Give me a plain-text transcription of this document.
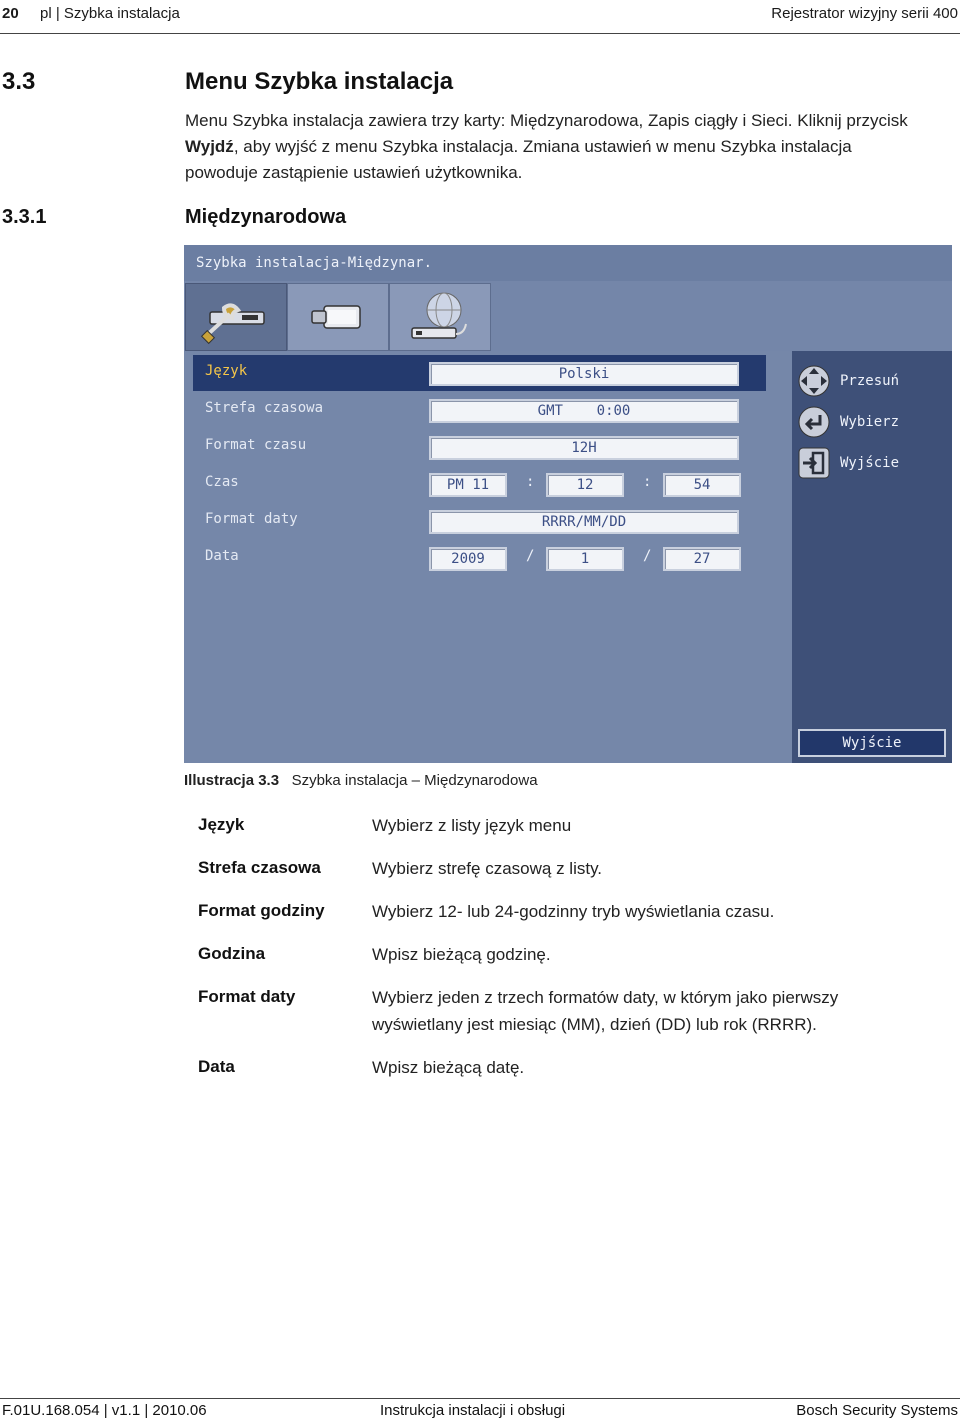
20 pl | Szybka instalacja	Rejestrator wizyjny serii 400
3.3	Menu Szybka instalacja
Menu Szybka instalacja zawiera trzy karty: Międzynarodowa, Zapis ciągły i Sieci. Kliknij przycisk Wyjdź, aby wyjść z menu Szybka instalacja. Zmiana ustawień w menu Szybka instalacja powoduje zastąpienie ustawień użytkownika.
3.3.1	Międzynarodowa
Szybka instalacja-Międzynar.
Język	Polski
Strefa czasowa	GMT    0:00
Format czasu	12H
Czas	PM 11	:	12	:	54
Format daty	RRRR/MM/DD
Data	2009	/	1	/	27
Przesuń
Wybierz
Wyjście
Wyjście
Illustracja 3.3 Szybka instalacja – Międzynarodowa
Język	Wybierz z listy język menu
Strefa czasowa	Wybierz strefę czasową z listy.
Format godziny	Wybierz 12- lub 24-godzinny tryb wyświetlania czasu.
Godzina	Wpisz bieżącą godzinę.
Format daty	Wybierz jeden z trzech formatów daty, w którym jako pierwszy wyświetlany jest miesiąc (MM), dzień (DD) lub rok (RRRR).
Data	Wpisz bieżącą datę.
F.01U.168.054 | v1.1 | 2010.06	Instrukcja instalacji i obsługi	Bosch Security Systems
